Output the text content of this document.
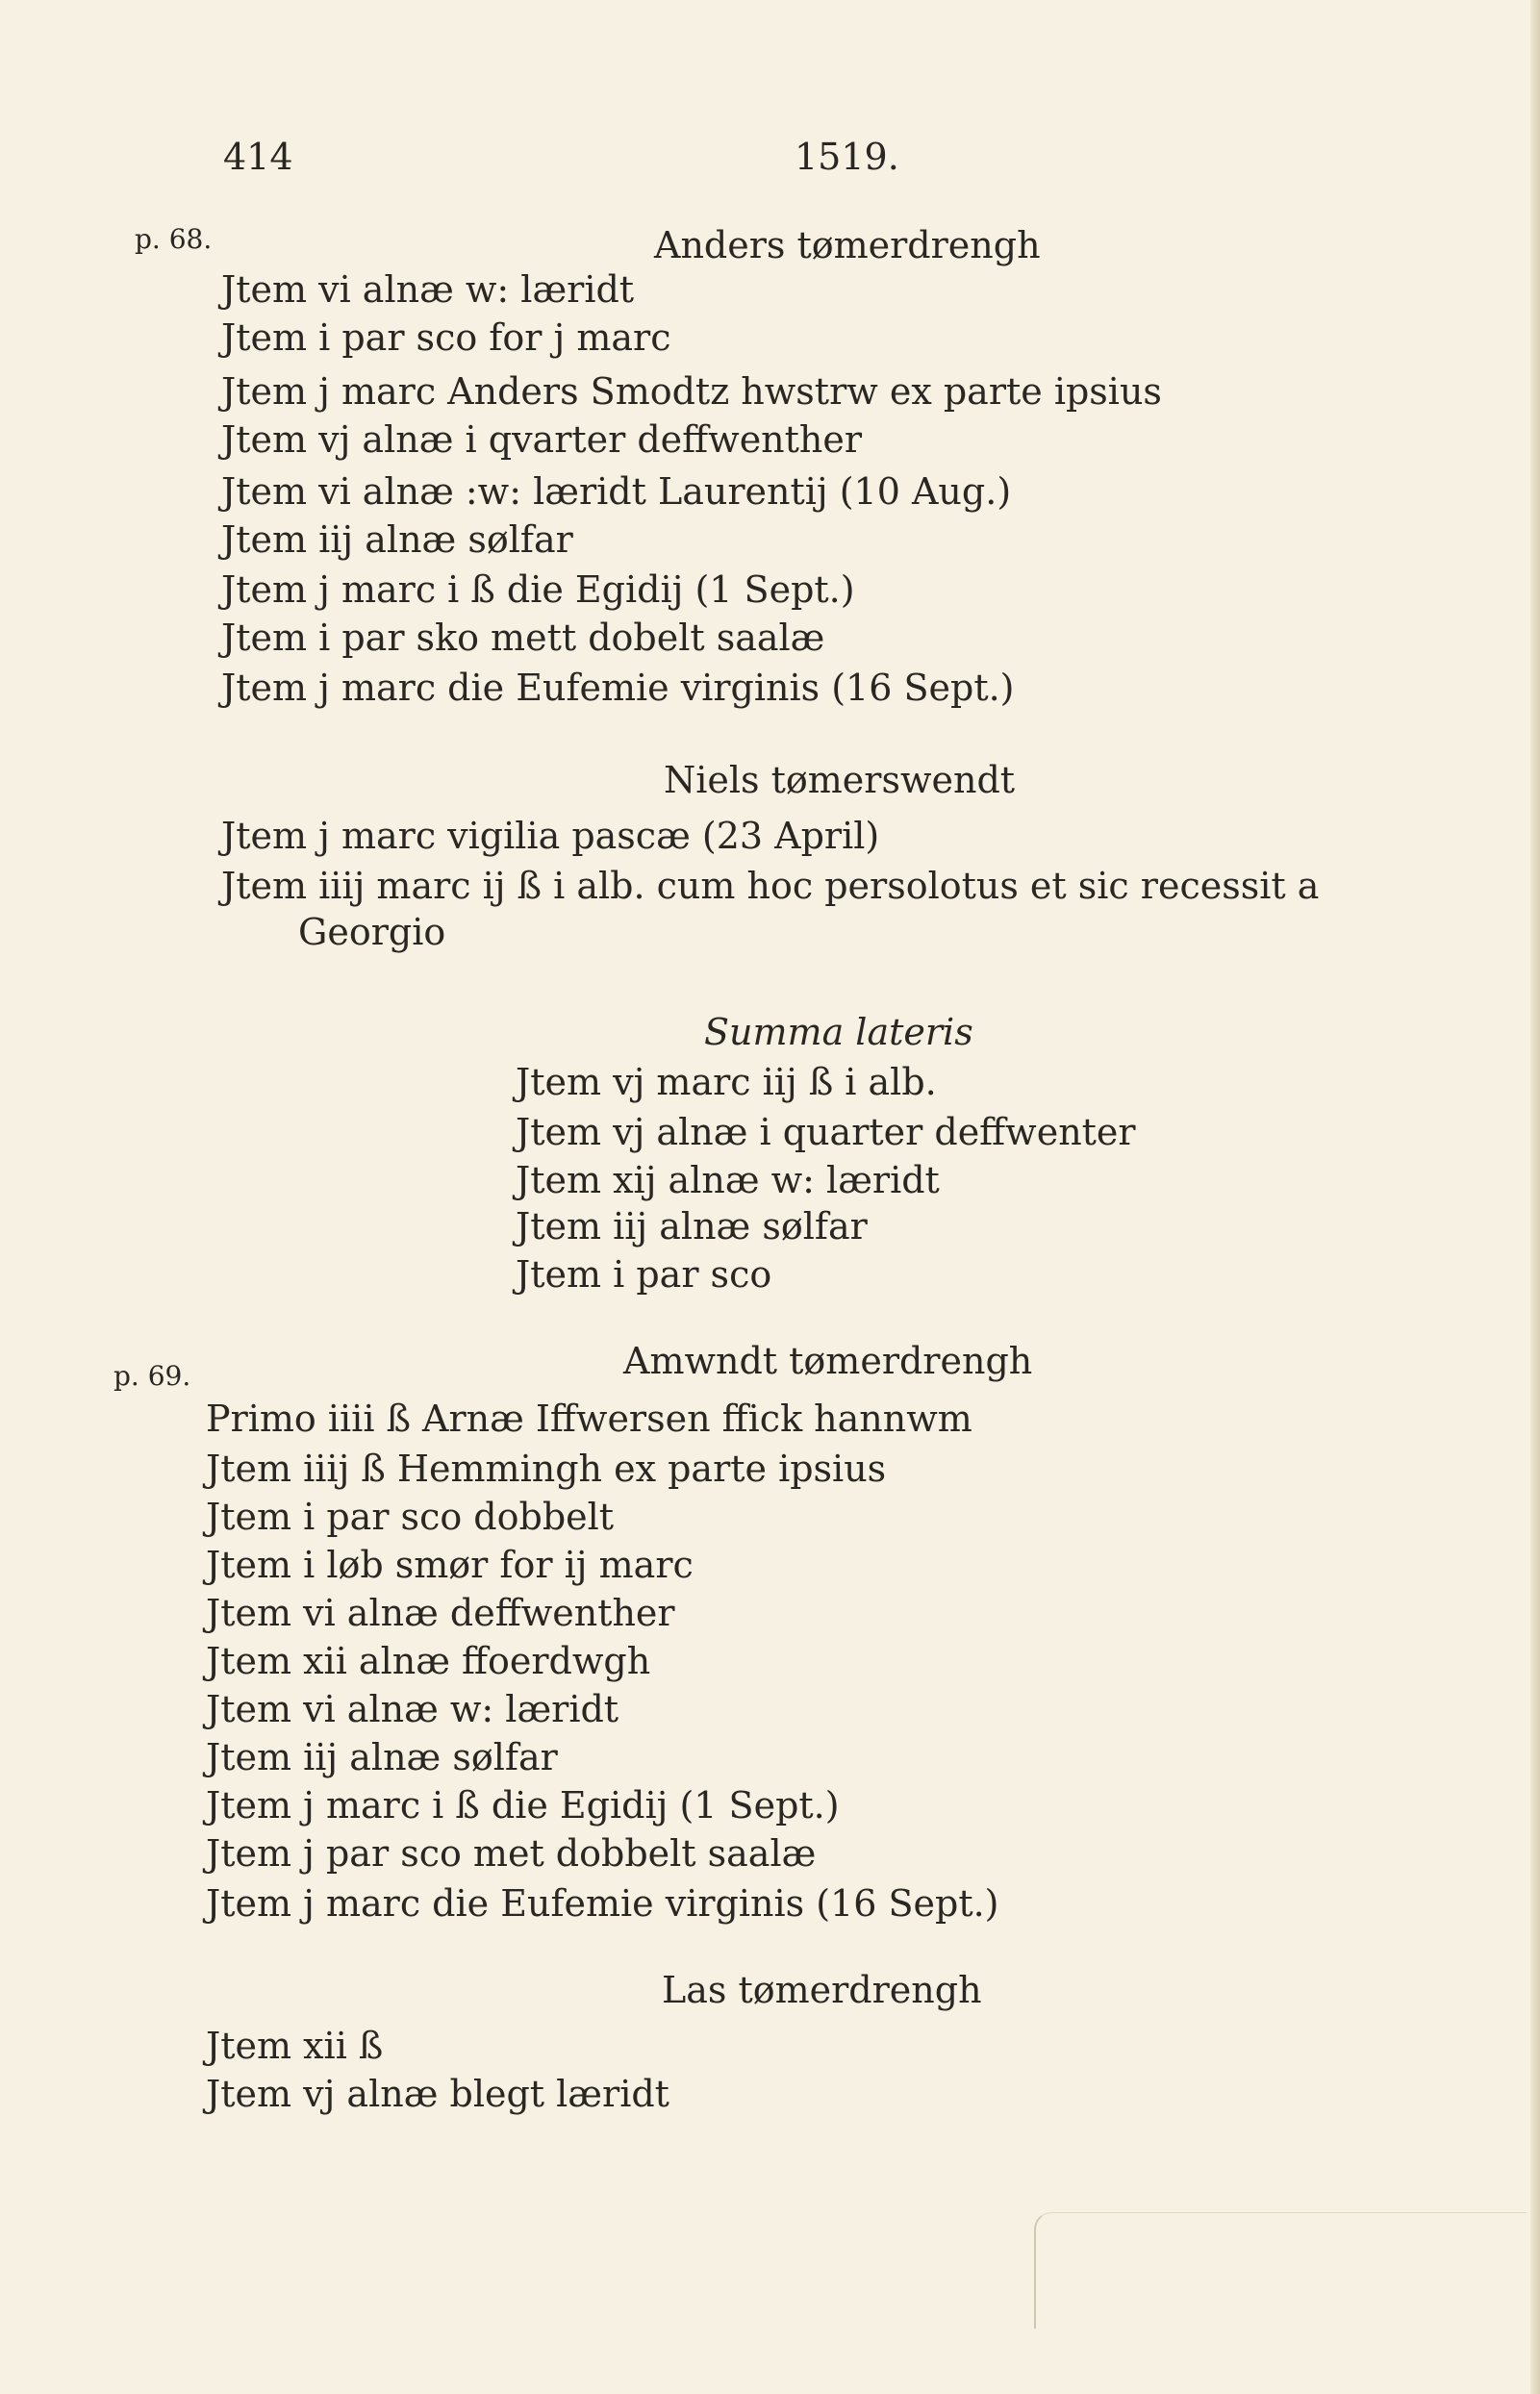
414	1519.
p. 68.	Anders tømerdrengh
Jtem vi alnæ w: læridt
Jtem i par sco for j marc
Jtem j marc Anders Smodtz hwstrw ex parte ipsius
Jtem vj alnæ i qvarter deffwenther
Jtem vi alnæ :w: læridt Laurentij (10 Aug.)
Jtem iij alnæ sølfar
Jtem j marc i ß die Egidij (1 Sept.)
Jtem i par sko mett dobelt saalæ
Jtem j marc die Eufemie virginis (16 Sept.)
Niels tømerswendt
Jtem j marc vigilia pascæ (23 April)
Jtem iiij marc ij ß i alb. cum hoc persolotus et sic recessit a
Georgio
Summa lateris
Jtem vj marc iij ß i alb.
Jtem vj alnæ i quarter deffwenter
Jtem xij alnæ w: læridt
Jtem iij alnæ sølfar
Jtem i par sco
p. 69.	Amwndt tømerdrengh
Primo iiii ß Arnæ Iffwersen ffick hannwm
Jtem iiij ß Hemmingh ex parte ipsius
Jtem i par sco dobbelt
Jtem i løb smør for ij marc
Jtem vi alnæ deffwenther
Jtem xii alnæ ffoerdwgh
Jtem vi alnæ w: læridt
Jtem iij alnæ sølfar
Jtem j marc i ß die Egidij (1 Sept.)
Jtem j par sco met dobbelt saalæ
Jtem j marc die Eufemie virginis (16 Sept.)
Las tømerdrengh
Jtem xii ß
Jtem vj alnæ blegt læridt
